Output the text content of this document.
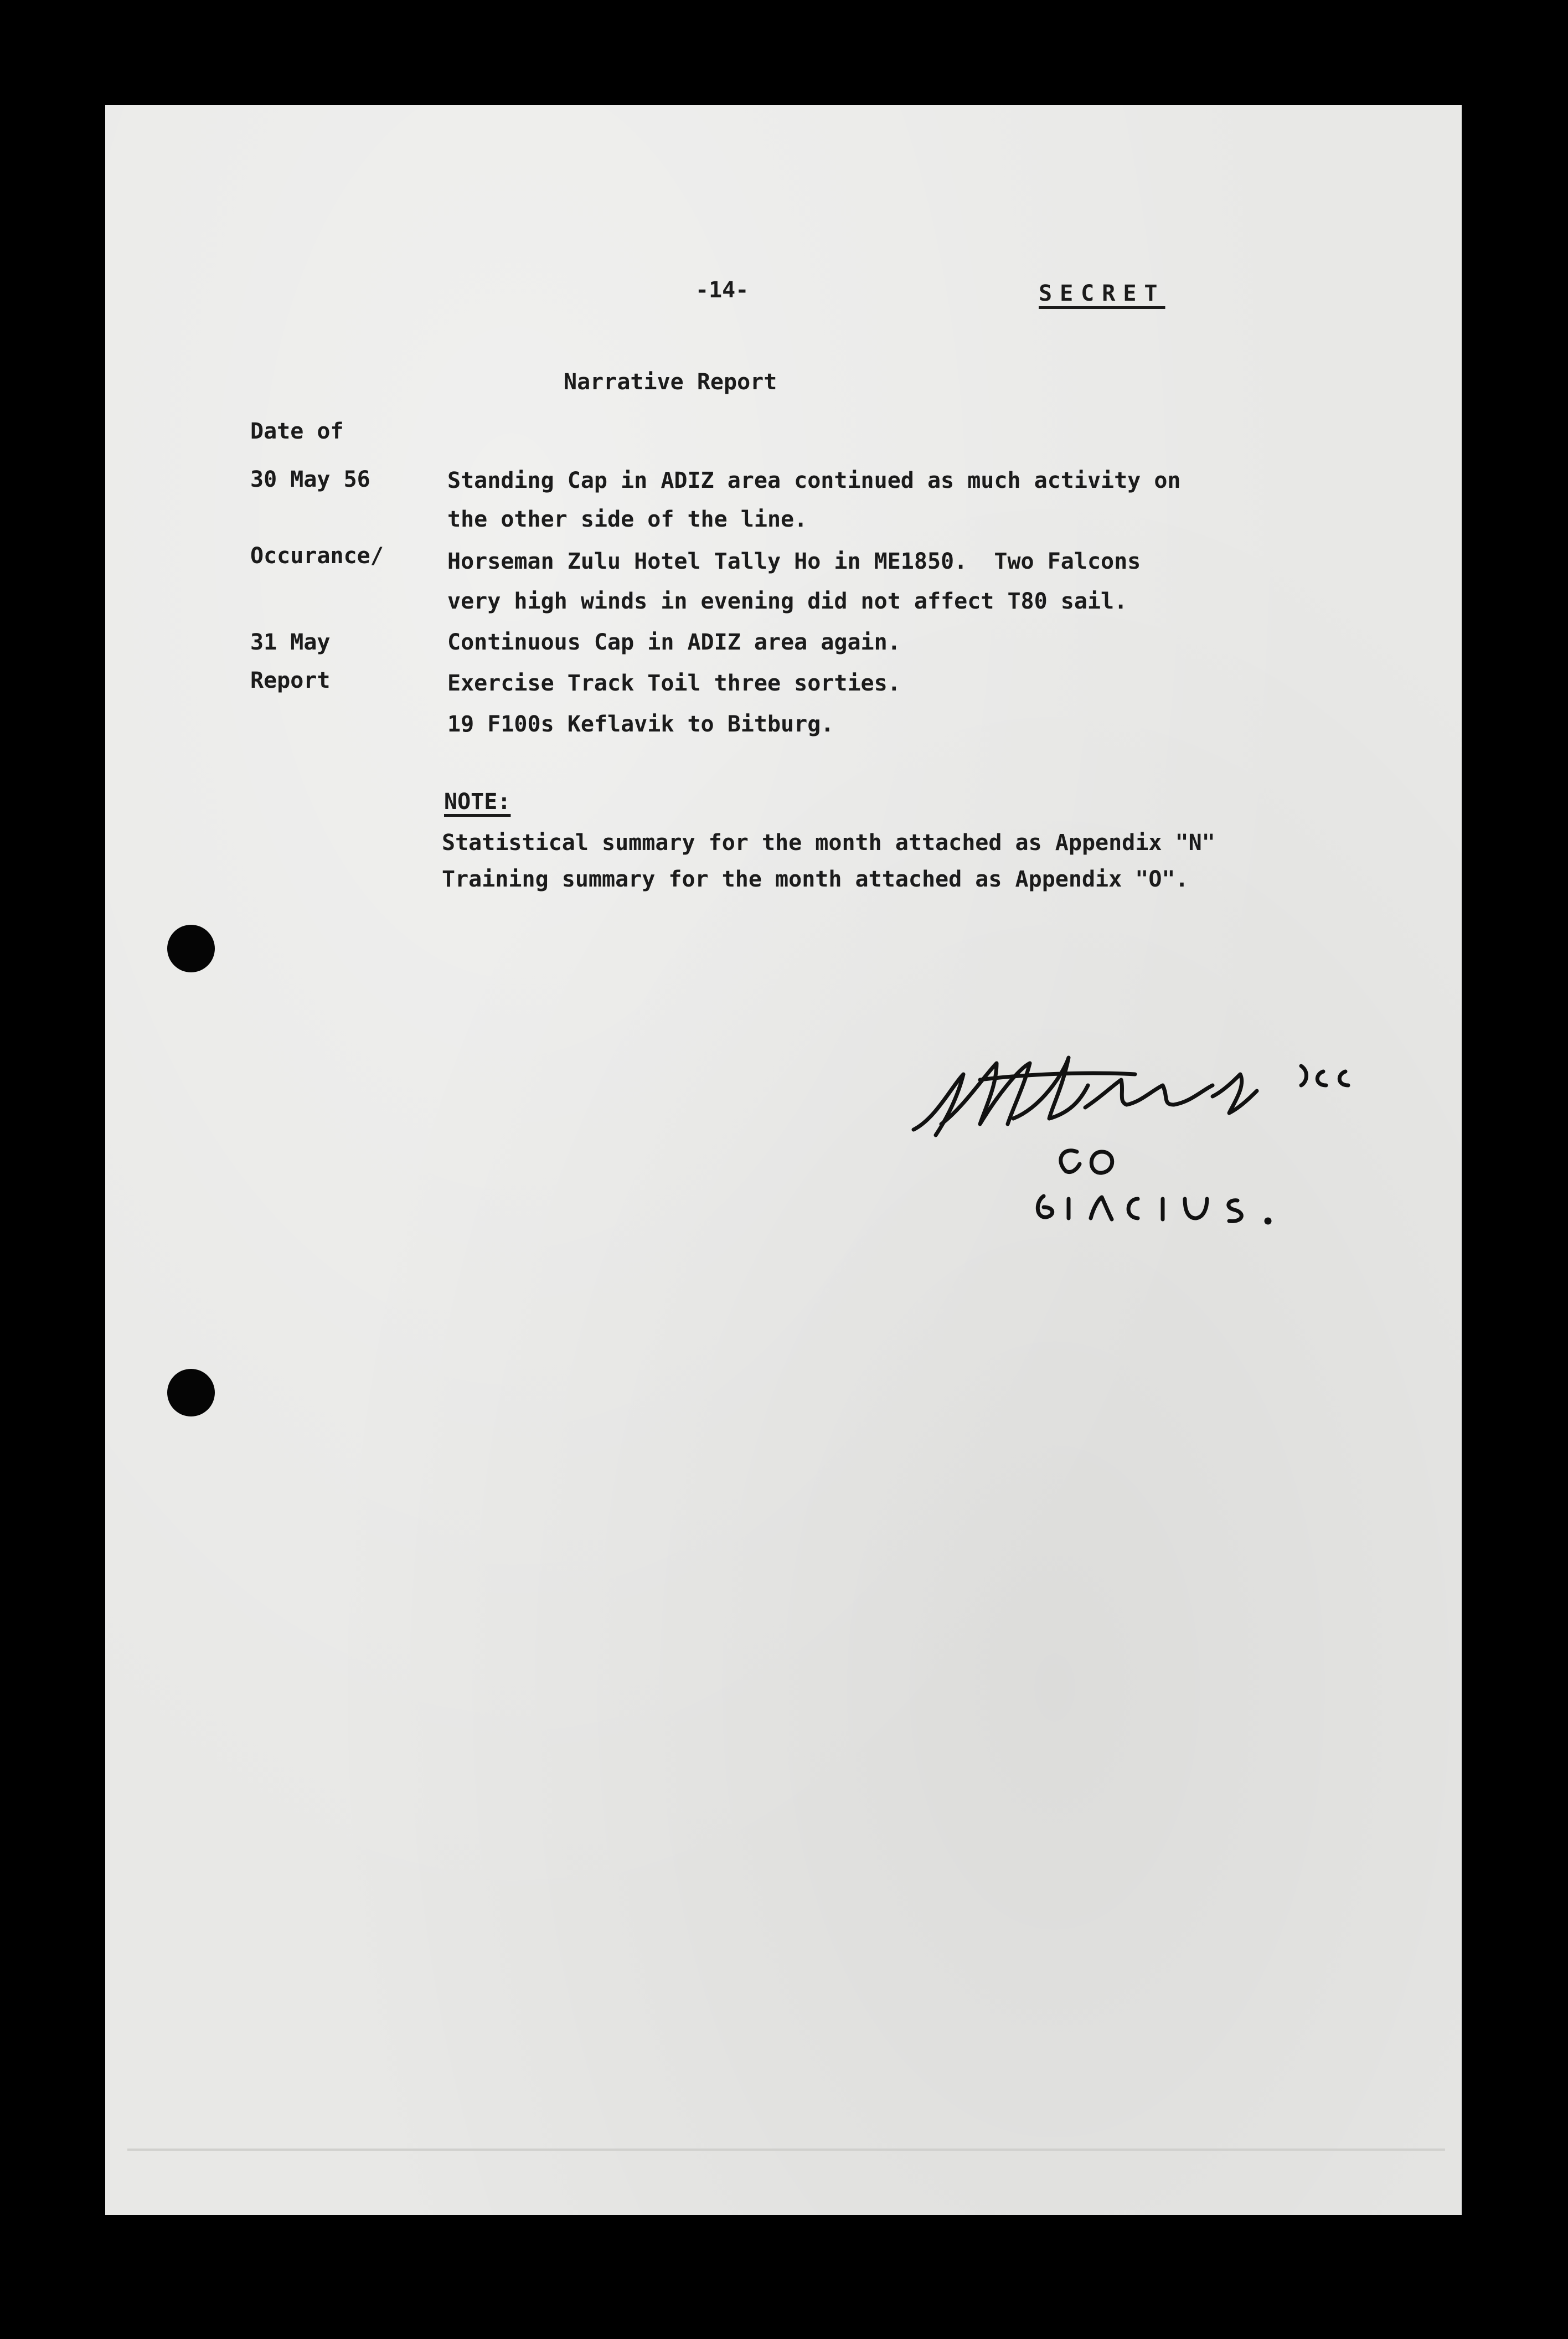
-14-	SECRET

Date of

Occurance/

Report

Narrative Report
30 May 56	Standing Cap in ADIZ area continued as much activity on
the other side of the line.
Horseman Zulu Hotel Tally Ho in ME1850.  Two Falcons
very high winds in evening did not affect T80 sail.
31 May	Continuous Cap in ADIZ area again.
Exercise Track Toil three sorties.
19 F100s Keflavik to Bitburg.
NOTE:
Statistical summary for the month attached as Appendix "N"
Training summary for the month attached as Appendix "O".
